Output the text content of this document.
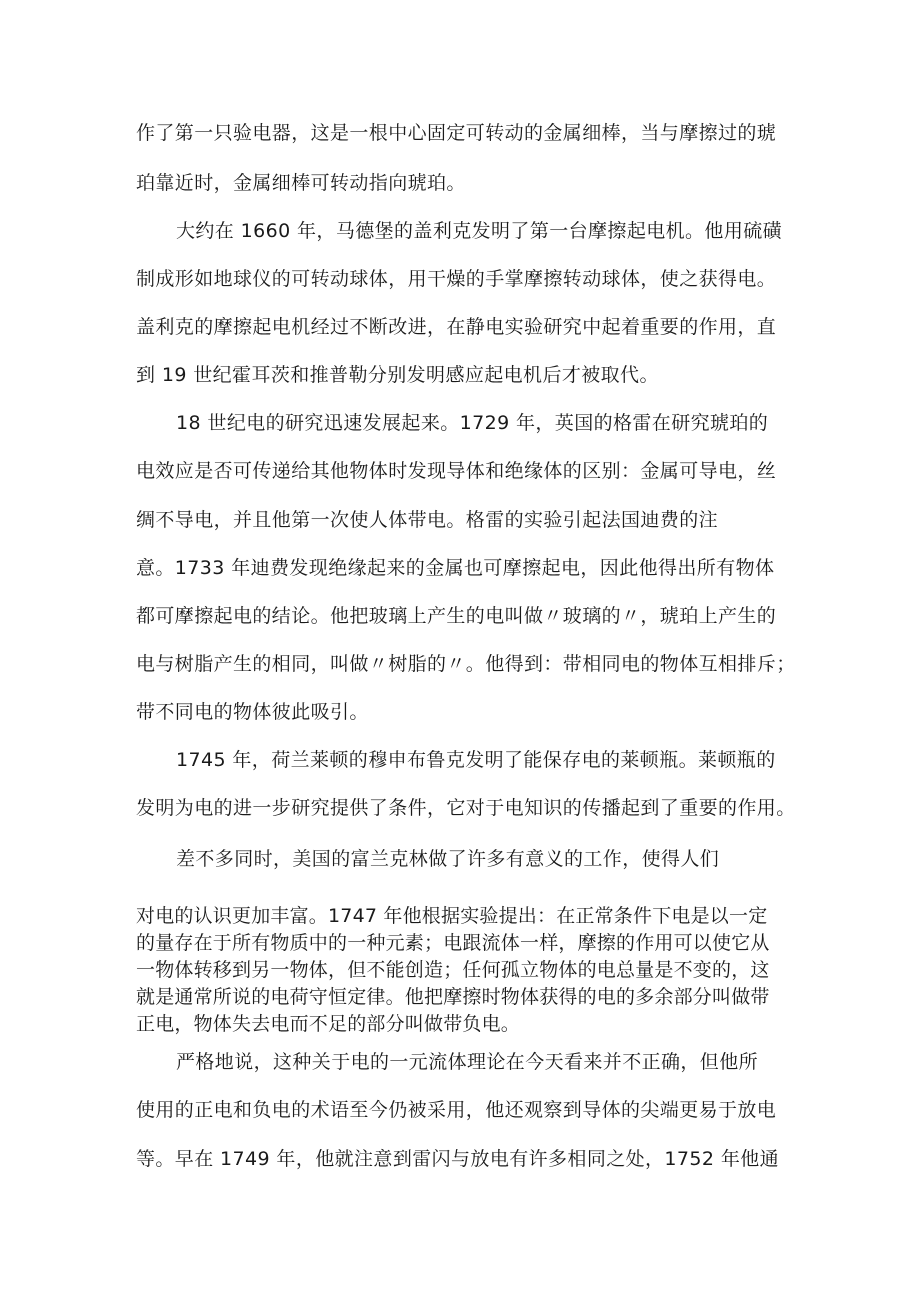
作了第一只验电器，这是一根中心固定可转动的金属细棒，当与摩擦过的琥
珀靠近时，金属细棒可转动指向琥珀。
大约在 1660 年，马德堡的盖利克发明了第一台摩擦起电机。他用硫磺
制成形如地球仪的可转动球体，用干燥的手掌摩擦转动球体，使之获得电。
盖利克的摩擦起电机经过不断改进，在静电实验研究中起着重要的作用，直
到 19 世纪霍耳茨和推普勒分别发明感应起电机后才被取代。
18 世纪电的研究迅速发展起来。1729 年，英国的格雷在研究琥珀的
电效应是否可传递给其他物体时发现导体和绝缘体的区别：金属可导电，丝
绸不导电，并且他第一次使人体带电。格雷的实验引起法国迪费的注
意。1733 年迪费发现绝缘起来的金属也可摩擦起电，因此他得出所有物体
都可摩擦起电的结论。他把玻璃上产生的电叫做〃玻璃的〃，琥珀上产生的
电与树脂产生的相同，叫做〃树脂的〃。他得到：带相同电的物体互相排斥；
带不同电的物体彼此吸引。
1745 年，荷兰莱顿的穆申布鲁克发明了能保存电的莱顿瓶。莱顿瓶的
发明为电的进一步研究提供了条件，它对于电知识的传播起到了重要的作用。
差不多同时，美国的富兰克林做了许多有意义的工作，使得人们
对电的认识更加丰富。1747 年他根据实验提出：在正常条件下电是以一定
的量存在于所有物质中的一种元素；电跟流体一样，摩擦的作用可以使它从
一物体转移到另一物体，但不能创造；任何孤立物体的电总量是不变的，这
就是通常所说的电荷守恒定律。他把摩擦时物体获得的电的多余部分叫做带
正电，物体失去电而不足的部分叫做带负电。
严格地说，这种关于电的一元流体理论在今天看来并不正确，但他所
使用的正电和负电的术语至今仍被采用，他还观察到导体的尖端更易于放电
等。早在 1749 年，他就注意到雷闪与放电有许多相同之处，1752 年他通
